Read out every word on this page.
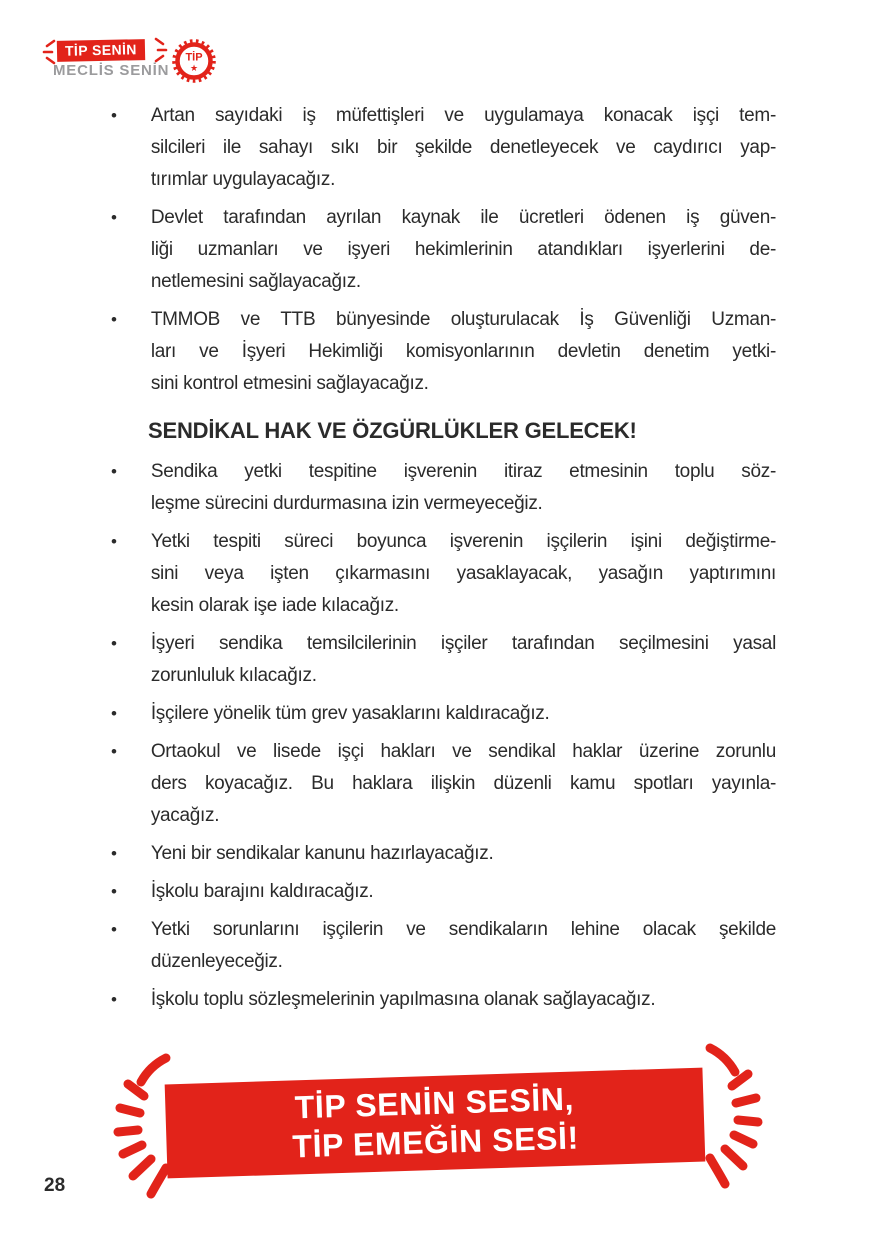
TİP SENİN
MECLİS SENİN
TİP
★
•	Artan sayıdaki iş müfettişleri ve uygulamaya konacak işçi tem-
silcileri ile sahayı sıkı bir şekilde denetleyecek ve caydırıcı yap-
tırımlar uygulayacağız.
•	Devlet tarafından ayrılan kaynak ile ücretleri ödenen iş güven-
liği uzmanları ve işyeri hekimlerinin atandıkları işyerlerini de-
netlemesini sağlayacağız.
•	TMMOB ve TTB bünyesinde oluşturulacak İş Güvenliği Uzman-
ları ve İşyeri Hekimliği komisyonlarının devletin denetim yetki-
sini kontrol etmesini sağlayacağız.
SENDİKAL HAK VE ÖZGÜRLÜKLER GELECEK!
•	Sendika yetki tespitine işverenin itiraz etmesinin toplu söz-
leşme sürecini durdurmasına izin vermeyeceğiz.
•	Yetki tespiti süreci boyunca işverenin işçilerin işini değiştirme-
sini veya işten çıkarmasını yasaklayacak, yasağın yaptırımını
kesin olarak işe iade kılacağız.
•	İşyeri sendika temsilcilerinin işçiler tarafından seçilmesini yasal
zorunluluk kılacağız.
•	İşçilere yönelik tüm grev yasaklarını kaldıracağız.
•	Ortaokul ve lisede işçi hakları ve sendikal haklar üzerine zorunlu
ders koyacağız. Bu haklara ilişkin düzenli kamu spotları yayınla-
yacağız.
•	Yeni bir sendikalar kanunu hazırlayacağız.
•	İşkolu barajını kaldıracağız.
•	Yetki sorunlarını işçilerin ve sendikaların lehine olacak şekilde
düzenleyeceğiz.
•	İşkolu toplu sözleşmelerinin yapılmasına olanak sağlayacağız.
TİP SENİN SESİN,
TİP EMEĞİN SESİ!
28
